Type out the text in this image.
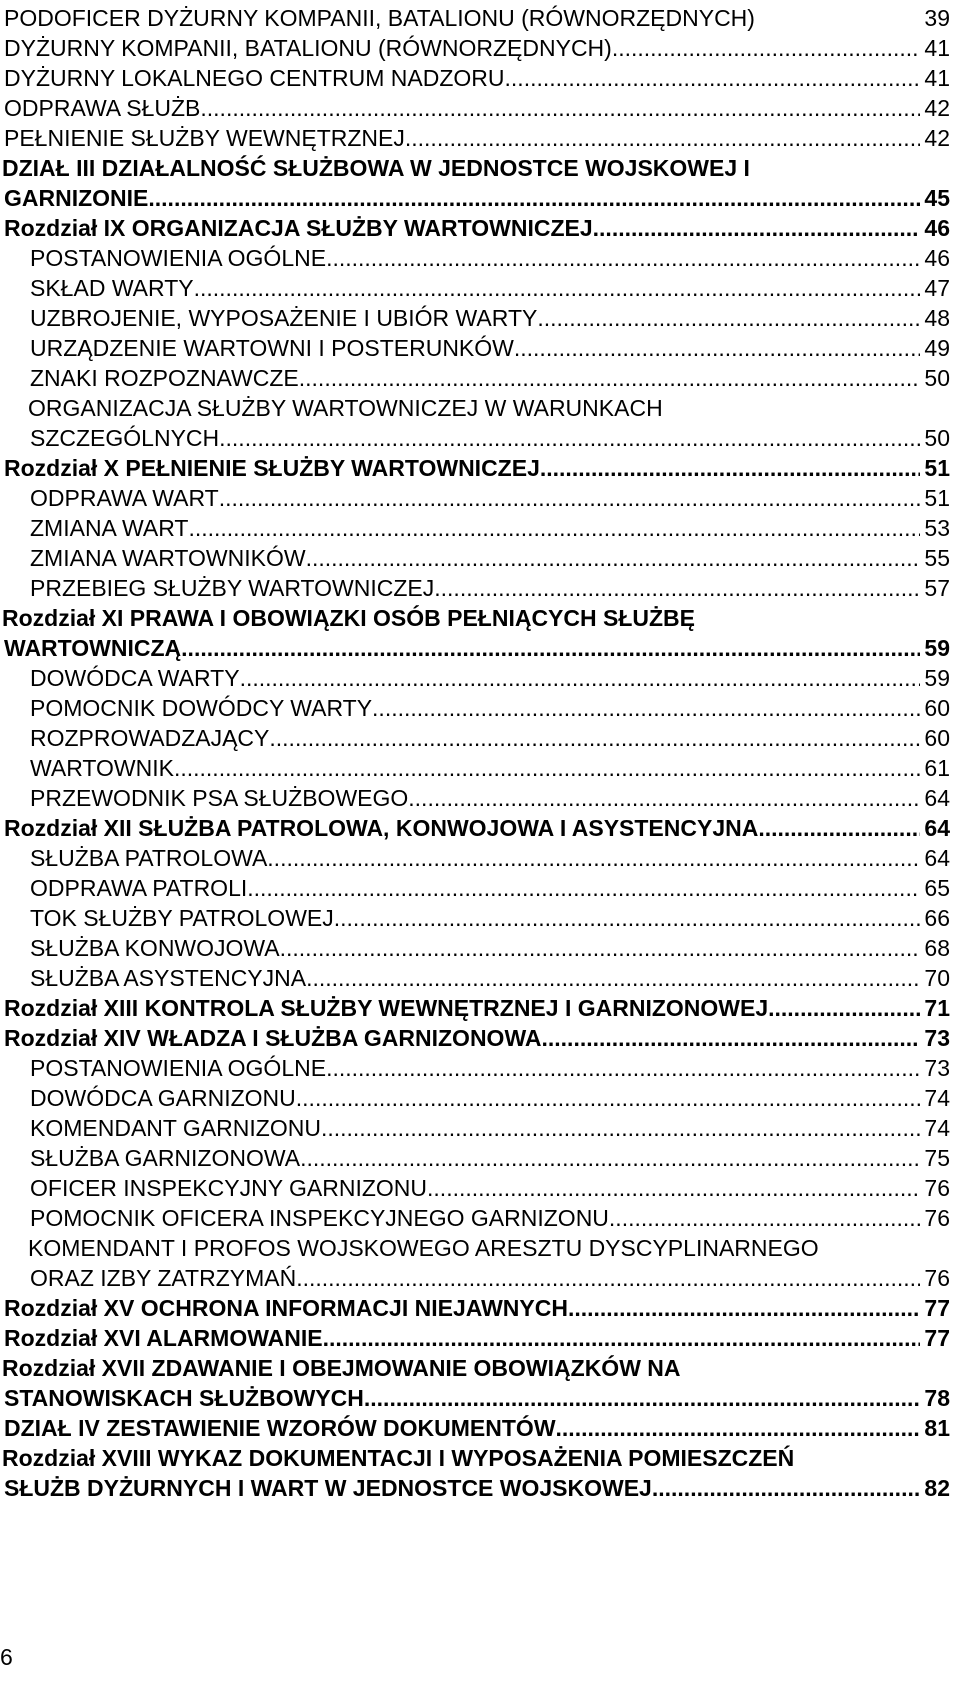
PODOFICER DYŻURNY KOMPANII, BATALIONU (RÓWNORZĘDNYCH)	39
DYŻURNY KOMPANII, BATALIONU (RÓWNORZĘDNYCH) .....	41
DYŻURNY LOKALNEGO CENTRUM NADZORU .....	41
ODPRAWA SŁUŻB .....	42
PEŁNIENIE SŁUŻBY WEWNĘTRZNEJ .....	42
DZIAŁ III DZIAŁALNOŚĆ SŁUŻBOWA W JEDNOSTCE WOJSKOWEJ I
GARNIZONIE .....	45
Rozdział IX ORGANIZACJA SŁUŻBY WARTOWNICZEJ .....	46
POSTANOWIENIA OGÓLNE .....	46
SKŁAD WARTY .....	47
UZBROJENIE, WYPOSAŻENIE I UBIÓR WARTY .....	48
URZĄDZENIE WARTOWNI I POSTERUNKÓW .....	49
ZNAKI ROZPOZNAWCZE .....	50
ORGANIZACJA SŁUŻBY WARTOWNICZEJ W WARUNKACH
SZCZEGÓLNYCH .....	50
Rozdział X PEŁNIENIE SŁUŻBY WARTOWNICZEJ .....	51
ODPRAWA WART .....	51
ZMIANA WART .....	53
ZMIANA WARTOWNIKÓW .....	55
PRZEBIEG SŁUŻBY WARTOWNICZEJ .....	57
Rozdział XI PRAWA I OBOWIĄZKI OSÓB PEŁNIĄCYCH SŁUŻBĘ
WARTOWNICZĄ .....	59
DOWÓDCA WARTY .....	59
POMOCNIK DOWÓDCY WARTY .....	60
ROZPROWADZAJĄCY .....	60
WARTOWNIK .....	61
PRZEWODNIK PSA SŁUŻBOWEGO .....	64
Rozdział XII SŁUŻBA PATROLOWA, KONWOJOWA I ASYSTENCYJNA .....	64
SŁUŻBA PATROLOWA .....	64
ODPRAWA PATROLI .....	65
TOK SŁUŻBY PATROLOWEJ .....	66
SŁUŻBA KONWOJOWA .....	68
SŁUŻBA ASYSTENCYJNA .....	70
Rozdział XIII KONTROLA SŁUŻBY WEWNĘTRZNEJ I GARNIZONOWEJ .....	71
Rozdział XIV WŁADZA I SŁUŻBA GARNIZONOWA .....	73
POSTANOWIENIA OGÓLNE .....	73
DOWÓDCA GARNIZONU .....	74
KOMENDANT GARNIZONU .....	74
SŁUŻBA GARNIZONOWA .....	75
OFICER INSPEKCYJNY GARNIZONU .....	76
POMOCNIK OFICERA INSPEKCYJNEGO GARNIZONU .....	76
KOMENDANT I PROFOS WOJSKOWEGO ARESZTU DYSCYPLINARNEGO
ORAZ IZBY ZATRZYMAŃ .....	76
Rozdział XV OCHRONA INFORMACJI NIEJAWNYCH .....	77
Rozdział XVI ALARMOWANIE .....	77
Rozdział XVII ZDAWANIE I OBEJMOWANIE OBOWIĄZKÓW NA
STANOWISKACH SŁUŻBOWYCH .....	78
DZIAŁ IV ZESTAWIENIE WZORÓW DOKUMENTÓW .....	81
Rozdział XVIII WYKAZ DOKUMENTACJI I WYPOSAŻENIA POMIESZCZEŃ
SŁUŻB DYŻURNYCH I WART W JEDNOSTCE WOJSKOWEJ .....	82
6
